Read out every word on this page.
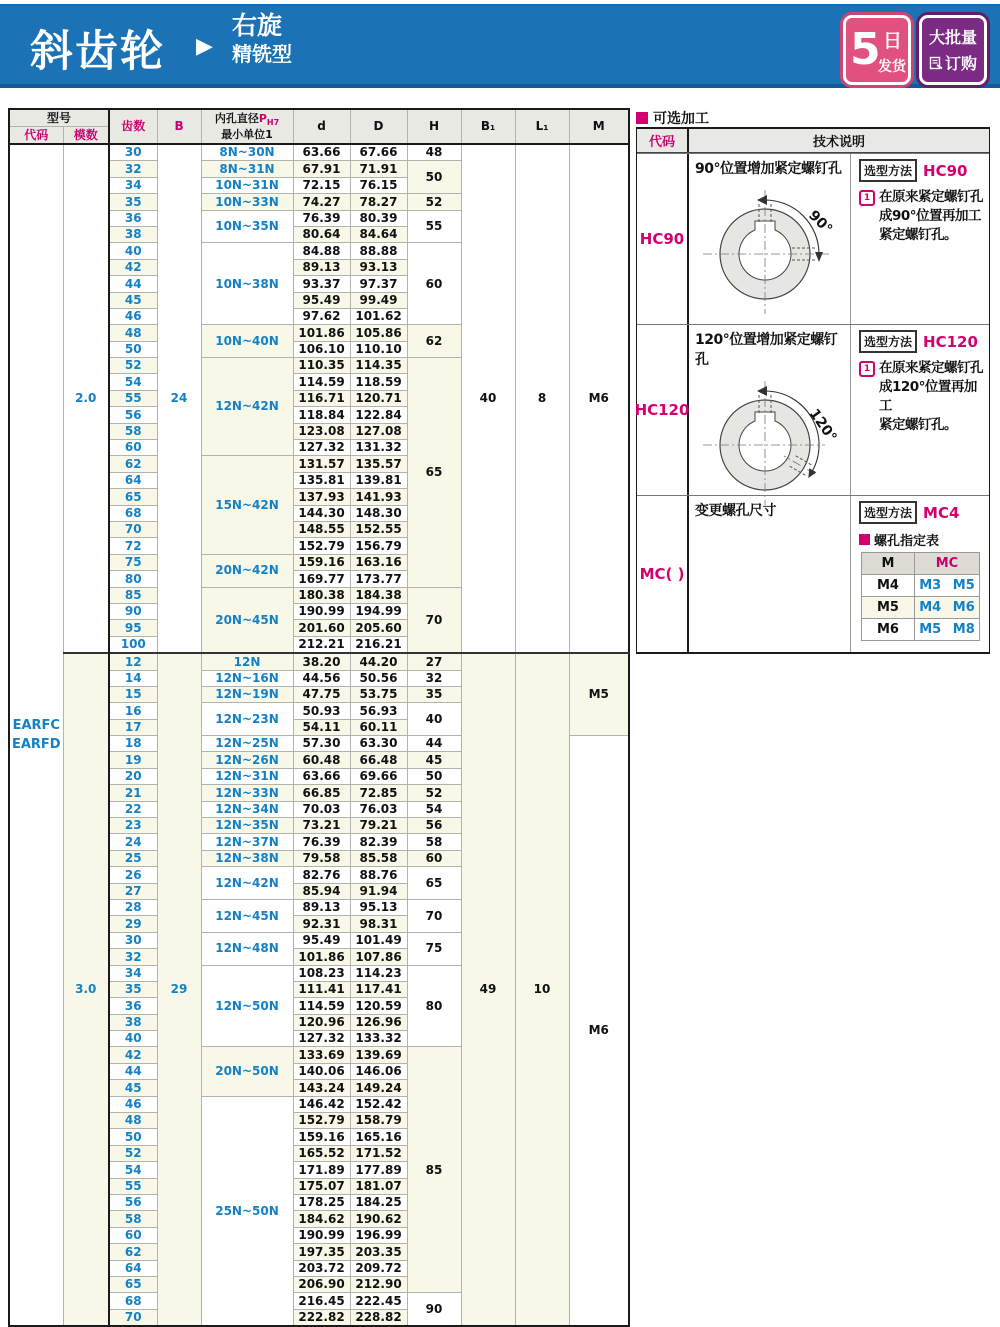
斜齿轮 ▶
右旋
精铣型	5 日
发货
大批量
订购
型号		齿数	B	内孔直径$P_{H7}$
最小单位1	d	D	H	B₁	L₁	M
代码	模数									
EARFC
EARFD	2.0	30	24	8N~30N	63.66	67.66	48	40	8	M6
		32		8N~31N	67.91	71.91	50			
		34		10N~31N	72.15	76.15				
		35		10N~33N	74.27	78.27	52			
		36		10N~35N	76.39	80.39	55			
		38			80.64	84.64				
		40		10N~38N	84.88	88.88	60			
		42			89.13	93.13				
		44			93.37	97.37				
		45			95.49	99.49				
		46			97.62	101.62				
		48		10N~40N	101.86	105.86	62			
		50			106.10	110.10				
		52		12N~42N	110.35	114.35	65			
		54			114.59	118.59				
		55			116.71	120.71				
		56			118.84	122.84				
		58			123.08	127.08				
		60			127.32	131.32				
		62		15N~42N	131.57	135.57				
		64			135.81	139.81				
		65			137.93	141.93				
		68			144.30	148.30				
		70			148.55	152.55				
		72			152.79	156.79				
		75		20N~42N	159.16	163.16				
		80			169.77	173.77				
		85		20N~45N	180.38	184.38	70			
		90			190.99	194.99				
		95			201.60	205.60				
		100			212.21	216.21				
	3.0	12	29	12N	38.20	44.20	27	49	10	M5
		14		12N~16N	44.56	50.56	32			
		15		12N~19N	47.75	53.75	35			
		16		12N~23N	50.93	56.93	40			
		17			54.11	60.11				
		18		12N~25N	57.30	63.30	44			M6
		19		12N~26N	60.48	66.48	45			
		20		12N~31N	63.66	69.66	50			
		21		12N~33N	66.85	72.85	52			
		22		12N~34N	70.03	76.03	54			
		23		12N~35N	73.21	79.21	56			
		24		12N~37N	76.39	82.39	58			
		25		12N~38N	79.58	85.58	60			
		26		12N~42N	82.76	88.76	65			
		27			85.94	91.94				
		28		12N~45N	89.13	95.13	70			
		29			92.31	98.31				
		30		12N~48N	95.49	101.49	75			
		32			101.86	107.86				
		34		12N~50N	108.23	114.23	80			
		35			111.41	117.41				
		36			114.59	120.59				
		38			120.96	126.96				
		40			127.32	133.32				
		42		20N~50N	133.69	139.69	85			
		44			140.06	146.06				
		45			143.24	149.24				
		46		25N~50N	146.42	152.42				
		48			152.79	158.79				
		50			159.16	165.16				
		52			165.52	171.52				
		54			171.89	177.89				
		55			175.07	181.07				
		56			178.25	184.25				
		58			184.62	190.62				
		60			190.99	196.99				
		62			197.35	203.35				
		64			203.72	209.72				
		65			206.90	212.90				
		68			216.45	222.45	90			
		70			222.82	228.82				
可选加工
代码	技术说明
HC90
90°位置增加紧定螺钉孔
90°
选型方法 HC90
1 在原来紧定螺钉孔
成90°位置再加工
紧定螺钉孔。
HC120
120°位置增加紧定螺钉孔
120°
选型方法 HC120
1 在原来紧定螺钉孔
成120°位置再加工
紧定螺钉孔。
MC( )
变更螺孔尺寸	选型方法 MC4
螺孔指定表
M	MC
M4	M3 M5
M5	M4 M6
M6	M5 M8
